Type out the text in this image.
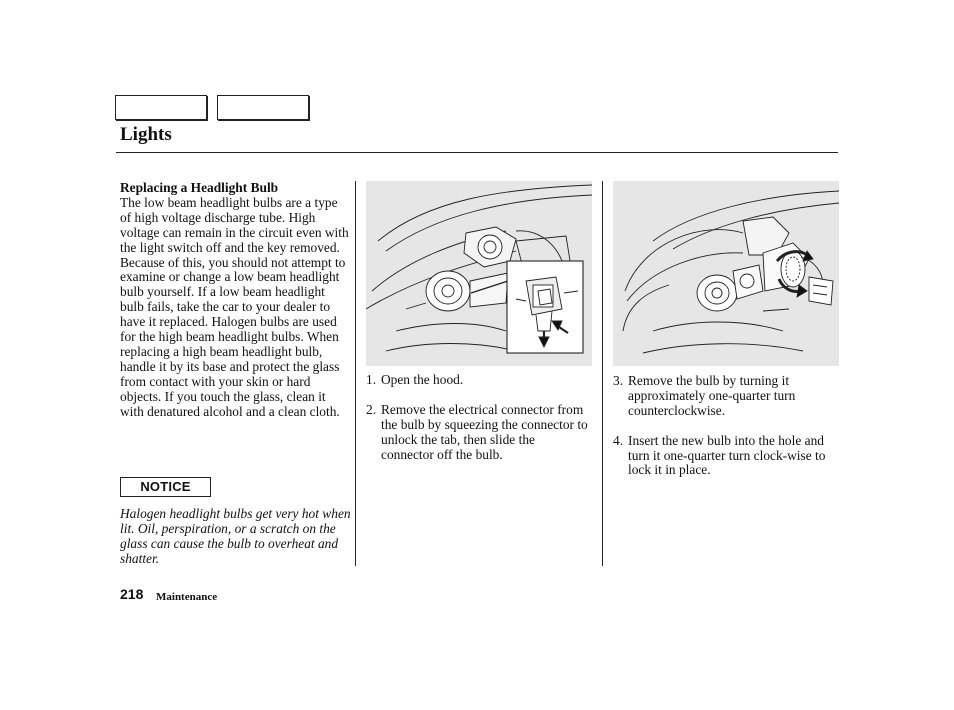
Lights
Replacing a Headlight Bulb
The low beam headlight bulbs are a type of high voltage discharge tube. High voltage can remain in the circuit even with the light switch off and the key removed. Because of this, you should not attempt to examine or change a low beam headlight bulb yourself. If a low beam headlight bulb fails, take the car to your dealer to have it replaced. Halogen bulbs are used for the high beam headlight bulbs. When replacing a high beam headlight bulb, handle it by its base and protect the glass from contact with your skin or hard objects. If you touch the glass, clean it with denatured alcohol and a clean cloth.
NOTICE
Halogen headlight bulbs get very hot when lit. Oil, perspiration, or a scratch on the glass can cause the bulb to overheat and shatter.
1. Open the hood.
2. Remove the electrical connector from the bulb by squeezing the connector to unlock the tab, then slide the connector off the bulb.
3. Remove the bulb by turning it approximately one-quarter turn counterclockwise.
4. Insert the new bulb into the hole and turn it one-quarter turn clock-wise to lock it in place.
218 Maintenance
